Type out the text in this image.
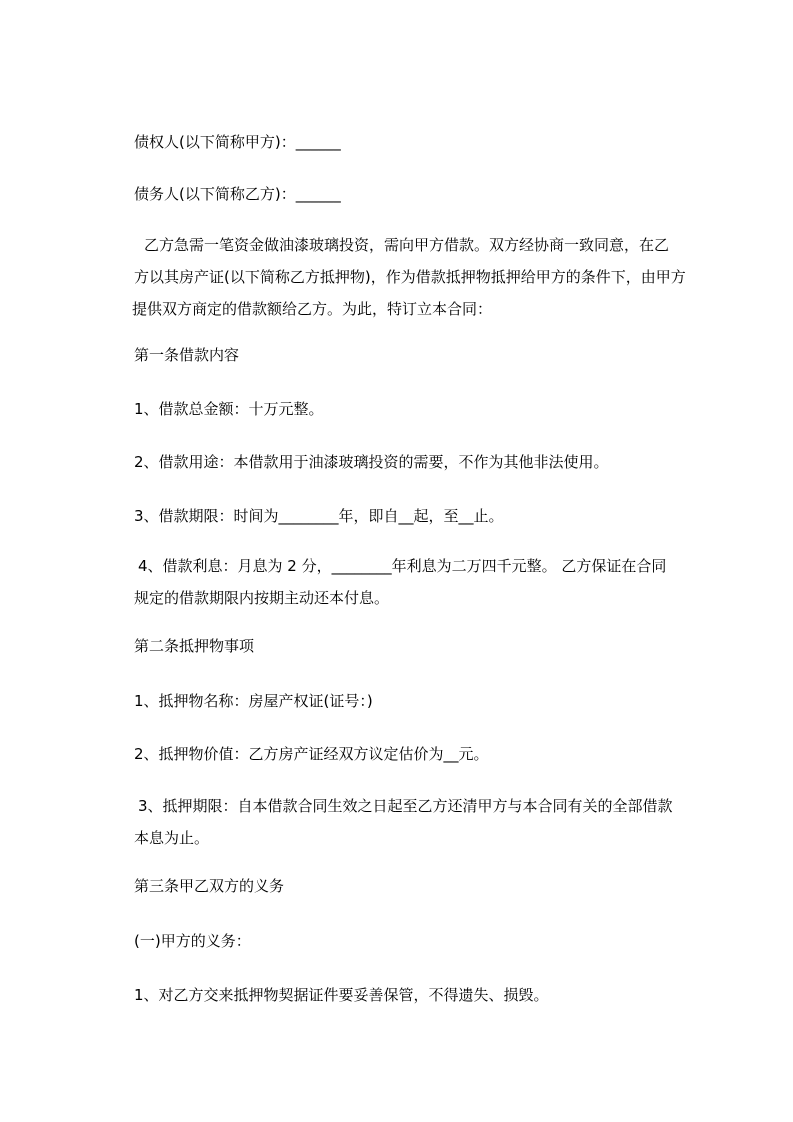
债权人(以下简称甲方)：______
债务人(以下简称乙方)：______
乙方急需一笔资金做油漆玻璃投资，需向甲方借款。双方经协商一致同意，在乙
方以其房产证(以下简称乙方抵押物)，作为借款抵押物抵押给甲方的条件下，由甲方
提供双方商定的借款额给乙方。为此，特订立本合同：
第一条借款内容
1、借款总金额：十万元整。
2、借款用途：本借款用于油漆玻璃投资的需要，不作为其他非法使用。
3、借款期限：时间为________年，即自__起，至__止。
4、借款利息：月息为 2 分，________年利息为二万四千元整。 乙方保证在合同
规定的借款期限内按期主动还本付息。
第二条抵押物事项
1、抵押物名称：房屋产权证(证号：)
2、抵押物价值：乙方房产证经双方议定估价为__元。
3、抵押期限：自本借款合同生效之日起至乙方还清甲方与本合同有关的全部借款
本息为止。
第三条甲乙双方的义务
(一)甲方的义务：
1、对乙方交来抵押物契据证件要妥善保管，不得遗失、损毁。
